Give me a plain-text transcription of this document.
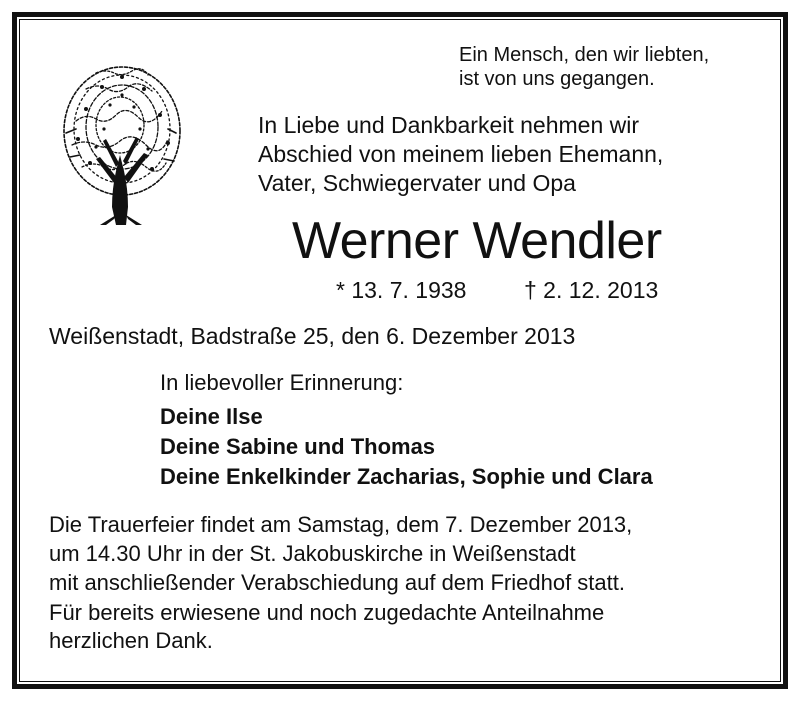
Ein Mensch, den wir liebten,
ist von uns gegangen.
In Liebe und Dankbarkeit nehmen wir
Abschied von meinem lieben Ehemann,
Vater, Schwiegervater und Opa
Werner Wendler
* 13. 7. 1938	† 2. 12. 2013
Weißenstadt, Badstraße 25, den 6. Dezember 2013
In liebevoller Erinnerung:
Deine Ilse
Deine Sabine und Thomas
Deine Enkelkinder Zacharias, Sophie und Clara
Die Trauerfeier findet am Samstag, dem 7. Dezember 2013,
um 14.30 Uhr in der St. Jakobuskirche in Weißenstadt
mit anschließender Verabschiedung auf dem Friedhof statt.
Für bereits erwiesene und noch zugedachte Anteilnahme
herzlichen Dank.
